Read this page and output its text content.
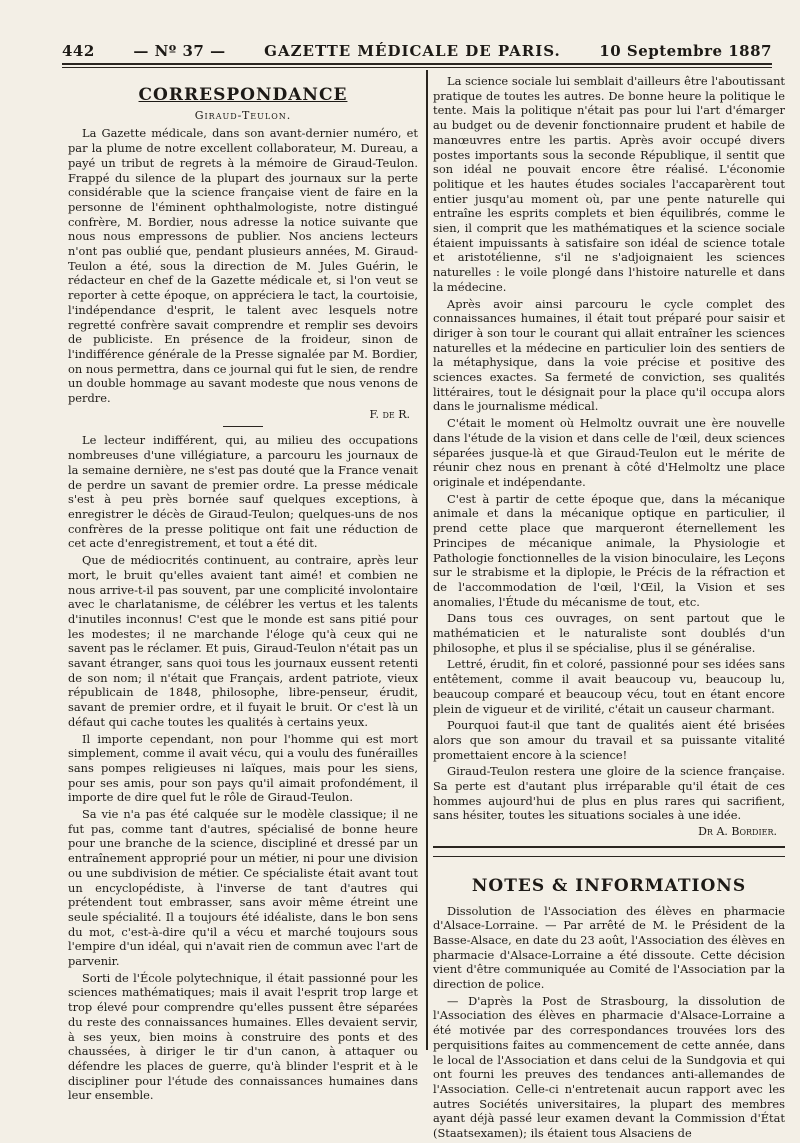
442	— Nº 37 —	GAZETTE MÉDICALE DE PARIS.	10 Septembre 1887
CORRESPONDANCE
Giraud-Teulon.

La Gazette médicale, dans son avant-dernier numéro, et par la plume de notre excellent collaborateur, M. Dureau, a payé un tribut de regrets à la mémoire de Giraud-Teulon. Frappé du silence de la plupart des journaux sur la perte considérable que la science française vient de faire en la personne de l'éminent ophthalmologiste, notre distingué confrère, M. Bordier, nous adresse la notice suivante que nous nous empressons de publier. Nos anciens lecteurs n'ont pas oublié que, pendant plusieurs années, M. Giraud-Teulon a été, sous la direction de M. Jules Guérin, le rédacteur en chef de la Gazette médicale et, si l'on veut se reporter à cette époque, on appréciera le tact, la courtoisie, l'indépendance d'esprit, le talent avec lesquels notre regretté confrère savait comprendre et remplir ses devoirs de publiciste. En présence de la froideur, sinon de l'indifférence générale de la Presse signalée par M. Bordier, on nous permettra, dans ce journal qui fut le sien, de rendre un double hommage au savant modeste que nous venons de perdre.

F. de R.

Le lecteur indifférent, qui, au milieu des occupations nombreuses d'une villégiature, a parcouru les journaux de la semaine dernière, ne s'est pas douté que la France venait de perdre un savant de premier ordre. La presse médicale s'est à peu près bornée sauf quelques exceptions, à enregistrer le décès de Giraud-Teulon; quelques-uns de nos confrères de la presse politique ont fait une réduction de cet acte d'enregistrement, et tout a été dit.

Que de médiocrités continuent, au contraire, après leur mort, le bruit qu'elles avaient tant aimé! et combien ne nous arrive-t-il pas souvent, par une complicité involontaire avec le charlatanisme, de célébrer les vertus et les talents d'inutiles inconnus! C'est que le monde est sans pitié pour les modestes; il ne marchande l'éloge qu'à ceux qui ne savent pas le réclamer. Et puis, Giraud-Teulon n'était pas un savant étranger, sans quoi tous les journaux eussent retenti de son nom; il n'était que Français, ardent patriote, vieux républicain de 1848, philosophe, libre-penseur, érudit, savant de premier ordre, et il fuyait le bruit. Or c'est là un défaut qui cache toutes les qualités à certains yeux.

Il importe cependant, non pour l'homme qui est mort simplement, comme il avait vécu, qui a voulu des funérailles sans pompes religieuses ni laïques, mais pour les siens, pour ses amis, pour son pays qu'il aimait profondément, il importe de dire quel fut le rôle de Giraud-Teulon.

Sa vie n'a pas été calquée sur le modèle classique; il ne fut pas, comme tant d'autres, spécialisé de bonne heure pour une branche de la science, discipliné et dressé par un entraînement approprié pour un métier, ni pour une division ou une subdivision de métier. Ce spécialiste était avant tout un encyclopédiste, à l'inverse de tant d'autres qui prétendent tout embrasser, sans avoir même étreint une seule spécialité. Il a toujours été idéaliste, dans le bon sens du mot, c'est-à-dire qu'il a vécu et marché toujours sous l'empire d'un idéal, qui n'avait rien de commun avec l'art de parvenir.

Sorti de l'École polytechnique, il était passionné pour les sciences mathématiques; mais il avait l'esprit trop large et trop élevé pour comprendre qu'elles pussent être séparées du reste des connaissances humaines. Elles devaient servir, à ses yeux, bien moins à construire des ponts et des chaussées, à diriger le tir d'un canon, à attaquer ou défendre les places de guerre, qu'à blinder l'esprit et à le discipliner pour l'étude des connaissances humaines dans leur ensemble.

La science sociale lui semblait d'ailleurs être l'aboutissant pratique de toutes les autres. De bonne heure la politique le tente. Mais la politique n'était pas pour lui l'art d'émarger au budget ou de devenir fonctionnaire prudent et habile de manœuvres entre les partis. Après avoir occupé divers postes importants sous la seconde République, il sentit que son idéal ne pouvait encore être réalisé. L'économie politique et les hautes études sociales l'accaparèrent tout entier jusqu'au moment où, par une pente naturelle qui entraîne les esprits complets et bien équilibrés, comme le sien, il comprit que les mathématiques et la science sociale étaient impuissants à satisfaire son idéal de science totale et aristotélienne, s'il ne s'adjoignaient les sciences naturelles : le voile plongé dans l'histoire naturelle et dans la médecine.

Après avoir ainsi parcouru le cycle complet des connaissances humaines, il était tout préparé pour saisir et diriger à son tour le courant qui allait entraîner les sciences naturelles et la médecine en particulier loin des sentiers de la métaphysique, dans la voie précise et positive des sciences exactes. Sa fermeté de conviction, ses qualités littéraires, tout le désignait pour la place qu'il occupa alors dans le journalisme médical.

C'était le moment où Helmoltz ouvrait une ère nouvelle dans l'étude de la vision et dans celle de l'œil, deux sciences séparées jusque-là et que Giraud-Teulon eut le mérite de réunir chez nous en prenant à côté d'Helmoltz une place originale et indépendante.

C'est à partir de cette époque que, dans la mécanique animale et dans la mécanique optique en particulier, il prend cette place que marqueront éternellement les Principes de mécanique animale, la Physiologie et Pathologie fonctionnelles de la vision binoculaire, les Leçons sur le strabisme et la diplopie, le Précis de la réfraction et de l'accommodation de l'œil, l'Œil, la Vision et ses anomalies, l'Étude du mécanisme de tout, etc.

Dans tous ces ouvrages, on sent partout que le mathématicien et le naturaliste sont doublés d'un philosophe, et plus il se spécialise, plus il se généralise.

Lettré, érudit, fin et coloré, passionné pour ses idées sans entêtement, comme il avait beaucoup vu, beaucoup lu, beaucoup comparé et beaucoup vécu, tout en étant encore plein de vigueur et de virilité, c'était un causeur charmant.

Pourquoi faut-il que tant de qualités aient été brisées alors que son amour du travail et sa puissante vitalité promettaient encore à la science!

Giraud-Teulon restera une gloire de la science française. Sa perte est d'autant plus irréparable qu'il était de ces hommes aujourd'hui de plus en plus rares qui sacrifient, sans hésiter, toutes les situations sociales à une idée.

Dr A. Bordier.
NOTES & INFORMATIONS

Dissolution de l'Association des élèves en pharmacie d'Alsace-Lorraine. — Par arrêté de M. le Président de la Basse-Alsace, en date du 23 août, l'Association des élèves en pharmacie d'Alsace-Lorraine a été dissoute. Cette décision vient d'être communiquée au Comité de l'Association par la direction de police.

— D'après la Post de Strasbourg, la dissolution de l'Association des élèves en pharmacie d'Alsace-Lorraine a été motivée par des correspondances trouvées lors des perquisitions faites au commencement de cette année, dans le local de l'Association et dans celui de la Sundgovia et qui ont fourni les preuves des tendances anti-allemandes de l'Association. Celle-ci n'entretenait aucun rapport avec les autres Sociétés universitaires, la plupart des membres ayant déjà passé leur examen devant la Commission d'État (Staatsexamen); ils étaient tous Alsaciens de
